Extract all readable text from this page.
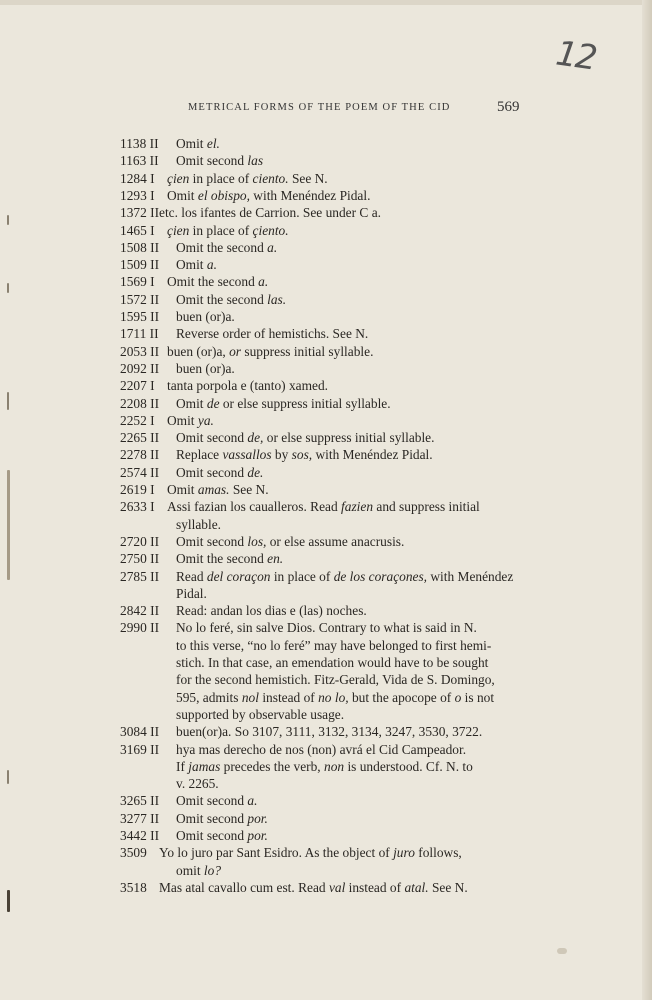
12
METRICAL FORMS OF THE POEM OF THE CID	569
1138 II Omit el.
1163 II Omit second las
1284 I çien in place of ciento. See N.
1293 I Omit el obispo, with Menéndez Pidal.
1372 II etc. los ifantes de Carrion. See under C a.
1465 I çien in place of çiento.
1508 II Omit the second a.
1509 II Omit a.
1569 I Omit the second a.
1572 II Omit the second las.
1595 II buen (or)a.
1711 II Reverse order of hemistichs. See N.
2053 II buen (or)a, or suppress initial syllable.
2092 II buen (or)a.
2207 I tanta porpola e (tanto) xamed.
2208 II Omit de or else suppress initial syllable.
2252 I Omit ya.
2265 II Omit second de, or else suppress initial syllable.
2278 II Replace vassallos by sos, with Menéndez Pidal.
2574 II Omit second de.
2619 I Omit amas. See N.
2633 I Assi fazian los caualleros. Read fazien and suppress initial
syllable.
2720 II Omit second los, or else assume anacrusis.
2750 II Omit the second en.
2785 II Read del coraçon in place of de los coraçones, with Menéndez
Pidal.
2842 II Read: andan los dias e (las) noches.
2990 II No lo feré, sin salve Dios. Contrary to what is said in N.
to this verse, “no lo feré” may have belonged to first hemi-
stich. In that case, an emendation would have to be sought
for the second hemistich. Fitz-Gerald, Vida de S. Domingo,
595, admits nol instead of no lo, but the apocope of o is not
supported by observable usage.
3084 II buen(or)a. So 3107, 3111, 3132, 3134, 3247, 3530, 3722.
3169 II hya mas derecho de nos (non) avrá el Cid Campeador.
If jamas precedes the verb, non is understood. Cf. N. to
v. 2265.
3265 II Omit second a.
3277 II Omit second por.
3442 II Omit second por.
3509 Yo lo juro par Sant Esidro. As the object of juro follows,
omit lo?
3518 Mas atal cavallo cum est. Read val instead of atal. See N.
